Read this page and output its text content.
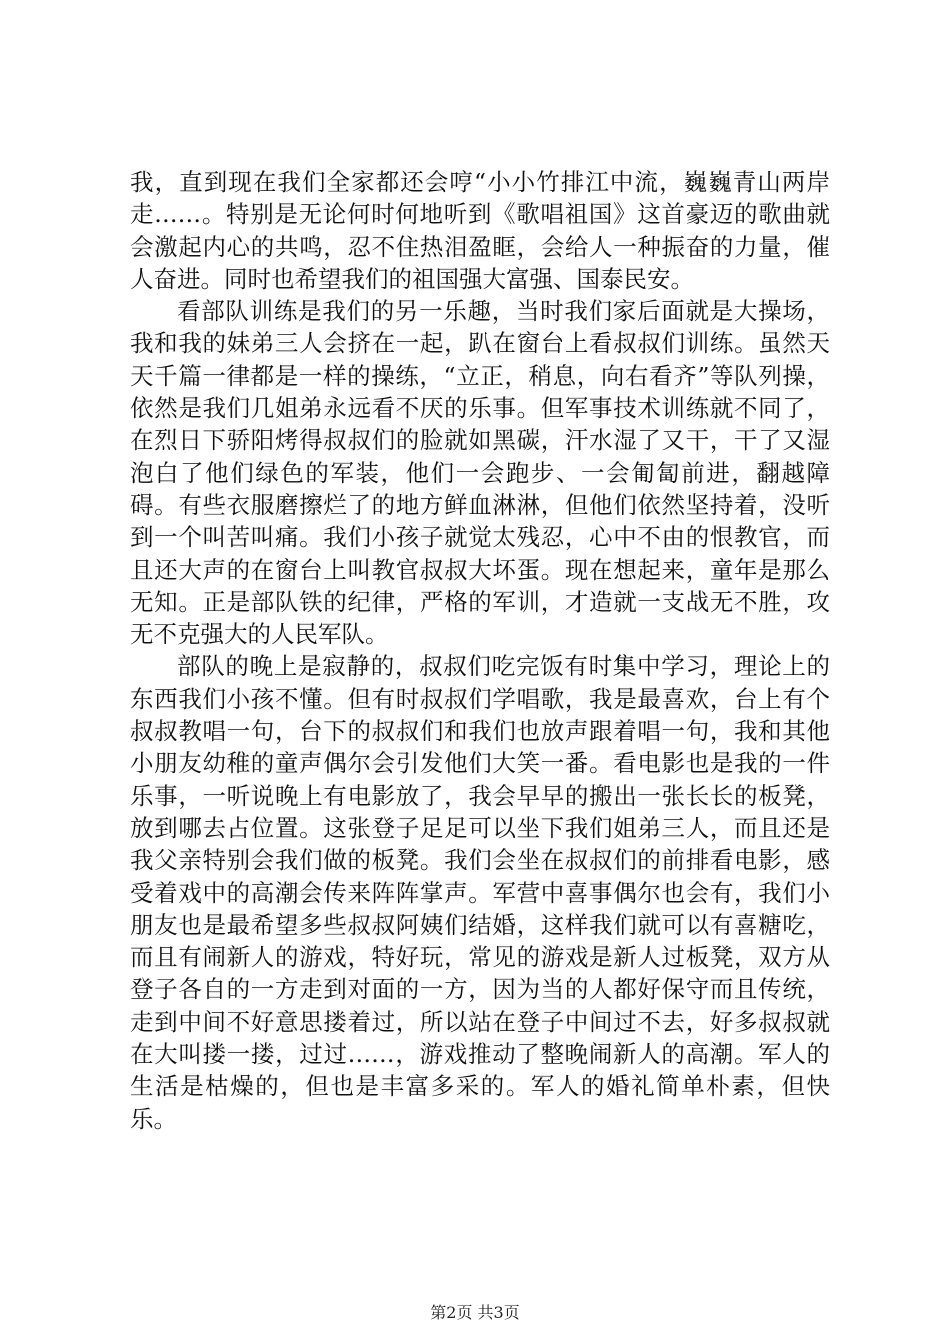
我，直到现在我们全家都还会哼“小小竹排江中流，巍巍青山两岸走……。特别是无论何时何地听到《歌唱祖国》这首豪迈的歌曲就会激起内心的共鸣，忍不住热泪盈眶，会给人一种振奋的力量，催人奋进。同时也希望我们的祖国强大富强、国泰民安。

看部队训练是我们的另一乐趣，当时我们家后面就是大操场，我和我的妹弟三人会挤在一起，趴在窗台上看叔叔们训练。虽然天天千篇一律都是一样的操练，“立正，稍息，向右看齐”等队列操，依然是我们几姐弟永远看不厌的乐事。但军事技术训练就不同了，在烈日下骄阳烤得叔叔们的脸就如黑碳，汗水湿了又干，干了又湿泡白了他们绿色的军装，他们一会跑步、一会匍匐前进，翻越障碍。有些衣服磨擦烂了的地方鲜血淋淋，但他们依然坚持着，没听到一个叫苦叫痛。我们小孩子就觉太残忍，心中不由的恨教官，而且还大声的在窗台上叫教官叔叔大坏蛋。现在想起来，童年是那么无知。正是部队铁的纪律，严格的军训，才造就一支战无不胜，攻无不克强大的人民军队。

部队的晚上是寂静的，叔叔们吃完饭有时集中学习，理论上的东西我们小孩不懂。但有时叔叔们学唱歌，我是最喜欢，台上有个叔叔教唱一句，台下的叔叔们和我们也放声跟着唱一句，我和其他小朋友幼稚的童声偶尔会引发他们大笑一番。看电影也是我的一件乐事，一听说晚上有电影放了，我会早早的搬出一张长长的板凳，放到哪去占位置。这张登子足足可以坐下我们姐弟三人，而且还是我父亲特别会我们做的板凳。我们会坐在叔叔们的前排看电影，感受着戏中的高潮会传来阵阵掌声。军营中喜事偶尔也会有，我们小朋友也是最希望多些叔叔阿姨们结婚，这样我们就可以有喜糖吃，而且有闹新人的游戏，特好玩，常见的游戏是新人过板凳，双方从登子各自的一方走到对面的一方，因为当的人都好保守而且传统，走到中间不好意思搂着过，所以站在登子中间过不去，好多叔叔就在大叫搂一搂，过过……，游戏推动了整晚闹新人的高潮。军人的生活是枯燥的，但也是丰富多采的。军人的婚礼简单朴素，但快乐。

第2页 共3页
